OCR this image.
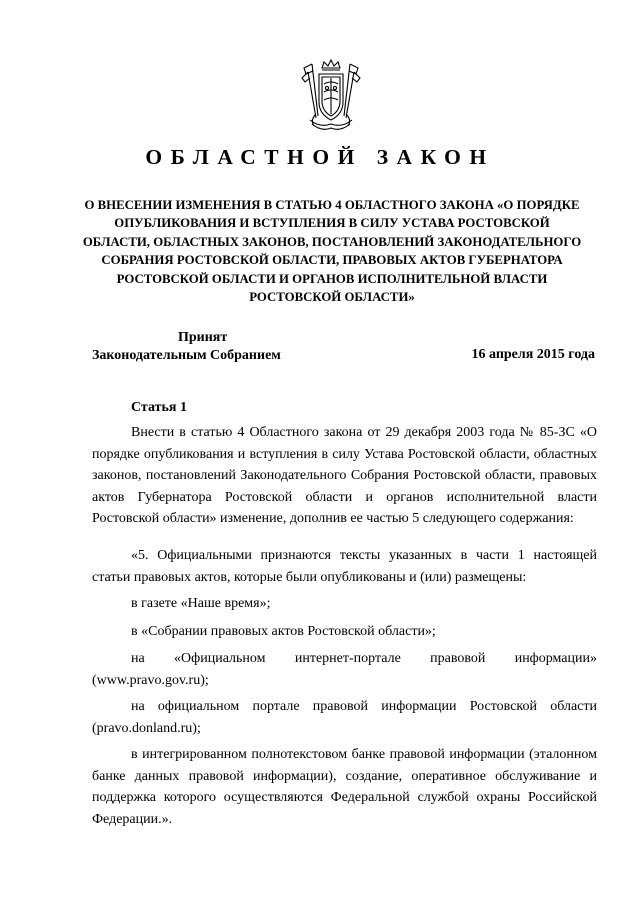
ОБЛАСТНОЙ ЗАКОН
О ВНЕСЕНИИ ИЗМЕНЕНИЯ В СТАТЬЮ 4 ОБЛАСТНОГО ЗАКОНА «О ПОРЯДКЕ ОПУБЛИКОВАНИЯ И ВСТУПЛЕНИЯ В СИЛУ УСТАВА РОСТОВСКОЙ ОБЛАСТИ, ОБЛАСТНЫХ ЗАКОНОВ, ПОСТАНОВЛЕНИЙ ЗАКОНОДАТЕЛЬНОГО СОБРАНИЯ РОСТОВСКОЙ ОБЛАСТИ, ПРАВОВЫХ АКТОВ ГУБЕРНАТОРА РОСТОВСКОЙ ОБЛАСТИ И ОРГАНОВ ИСПОЛНИТЕЛЬНОЙ ВЛАСТИ РОСТОВСКОЙ ОБЛАСТИ»
Принят
Законодательным Собранием	16 апреля 2015 года
Статья 1
Внести в статью 4 Областного закона от 29 декабря 2003 года № 85-ЗС «О порядке опубликования и вступления в силу Устава Ростовской области, областных законов, постановлений Законодательного Собрания Ростовской области, правовых актов Губернатора Ростовской области и органов исполнительной власти Ростовской области» изменение, дополнив ее частью 5 следующего содержания:
«5. Официальными признаются тексты указанных в части 1 настоящей статьи правовых актов, которые были опубликованы и (или) размещены:
в газете «Наше время»;
в «Собрании правовых актов Ростовской области»;
на «Официальном интернет-портале правовой информации»
(www.pravo.gov.ru);
на официальном портале правовой информации Ростовской области
(pravo.donland.ru);
в интегрированном полнотекстовом банке правовой информации (эталонном банке данных правовой информации), создание, оперативное обслуживание и поддержка которого осуществляются Федеральной службой охраны Российской Федерации.».
